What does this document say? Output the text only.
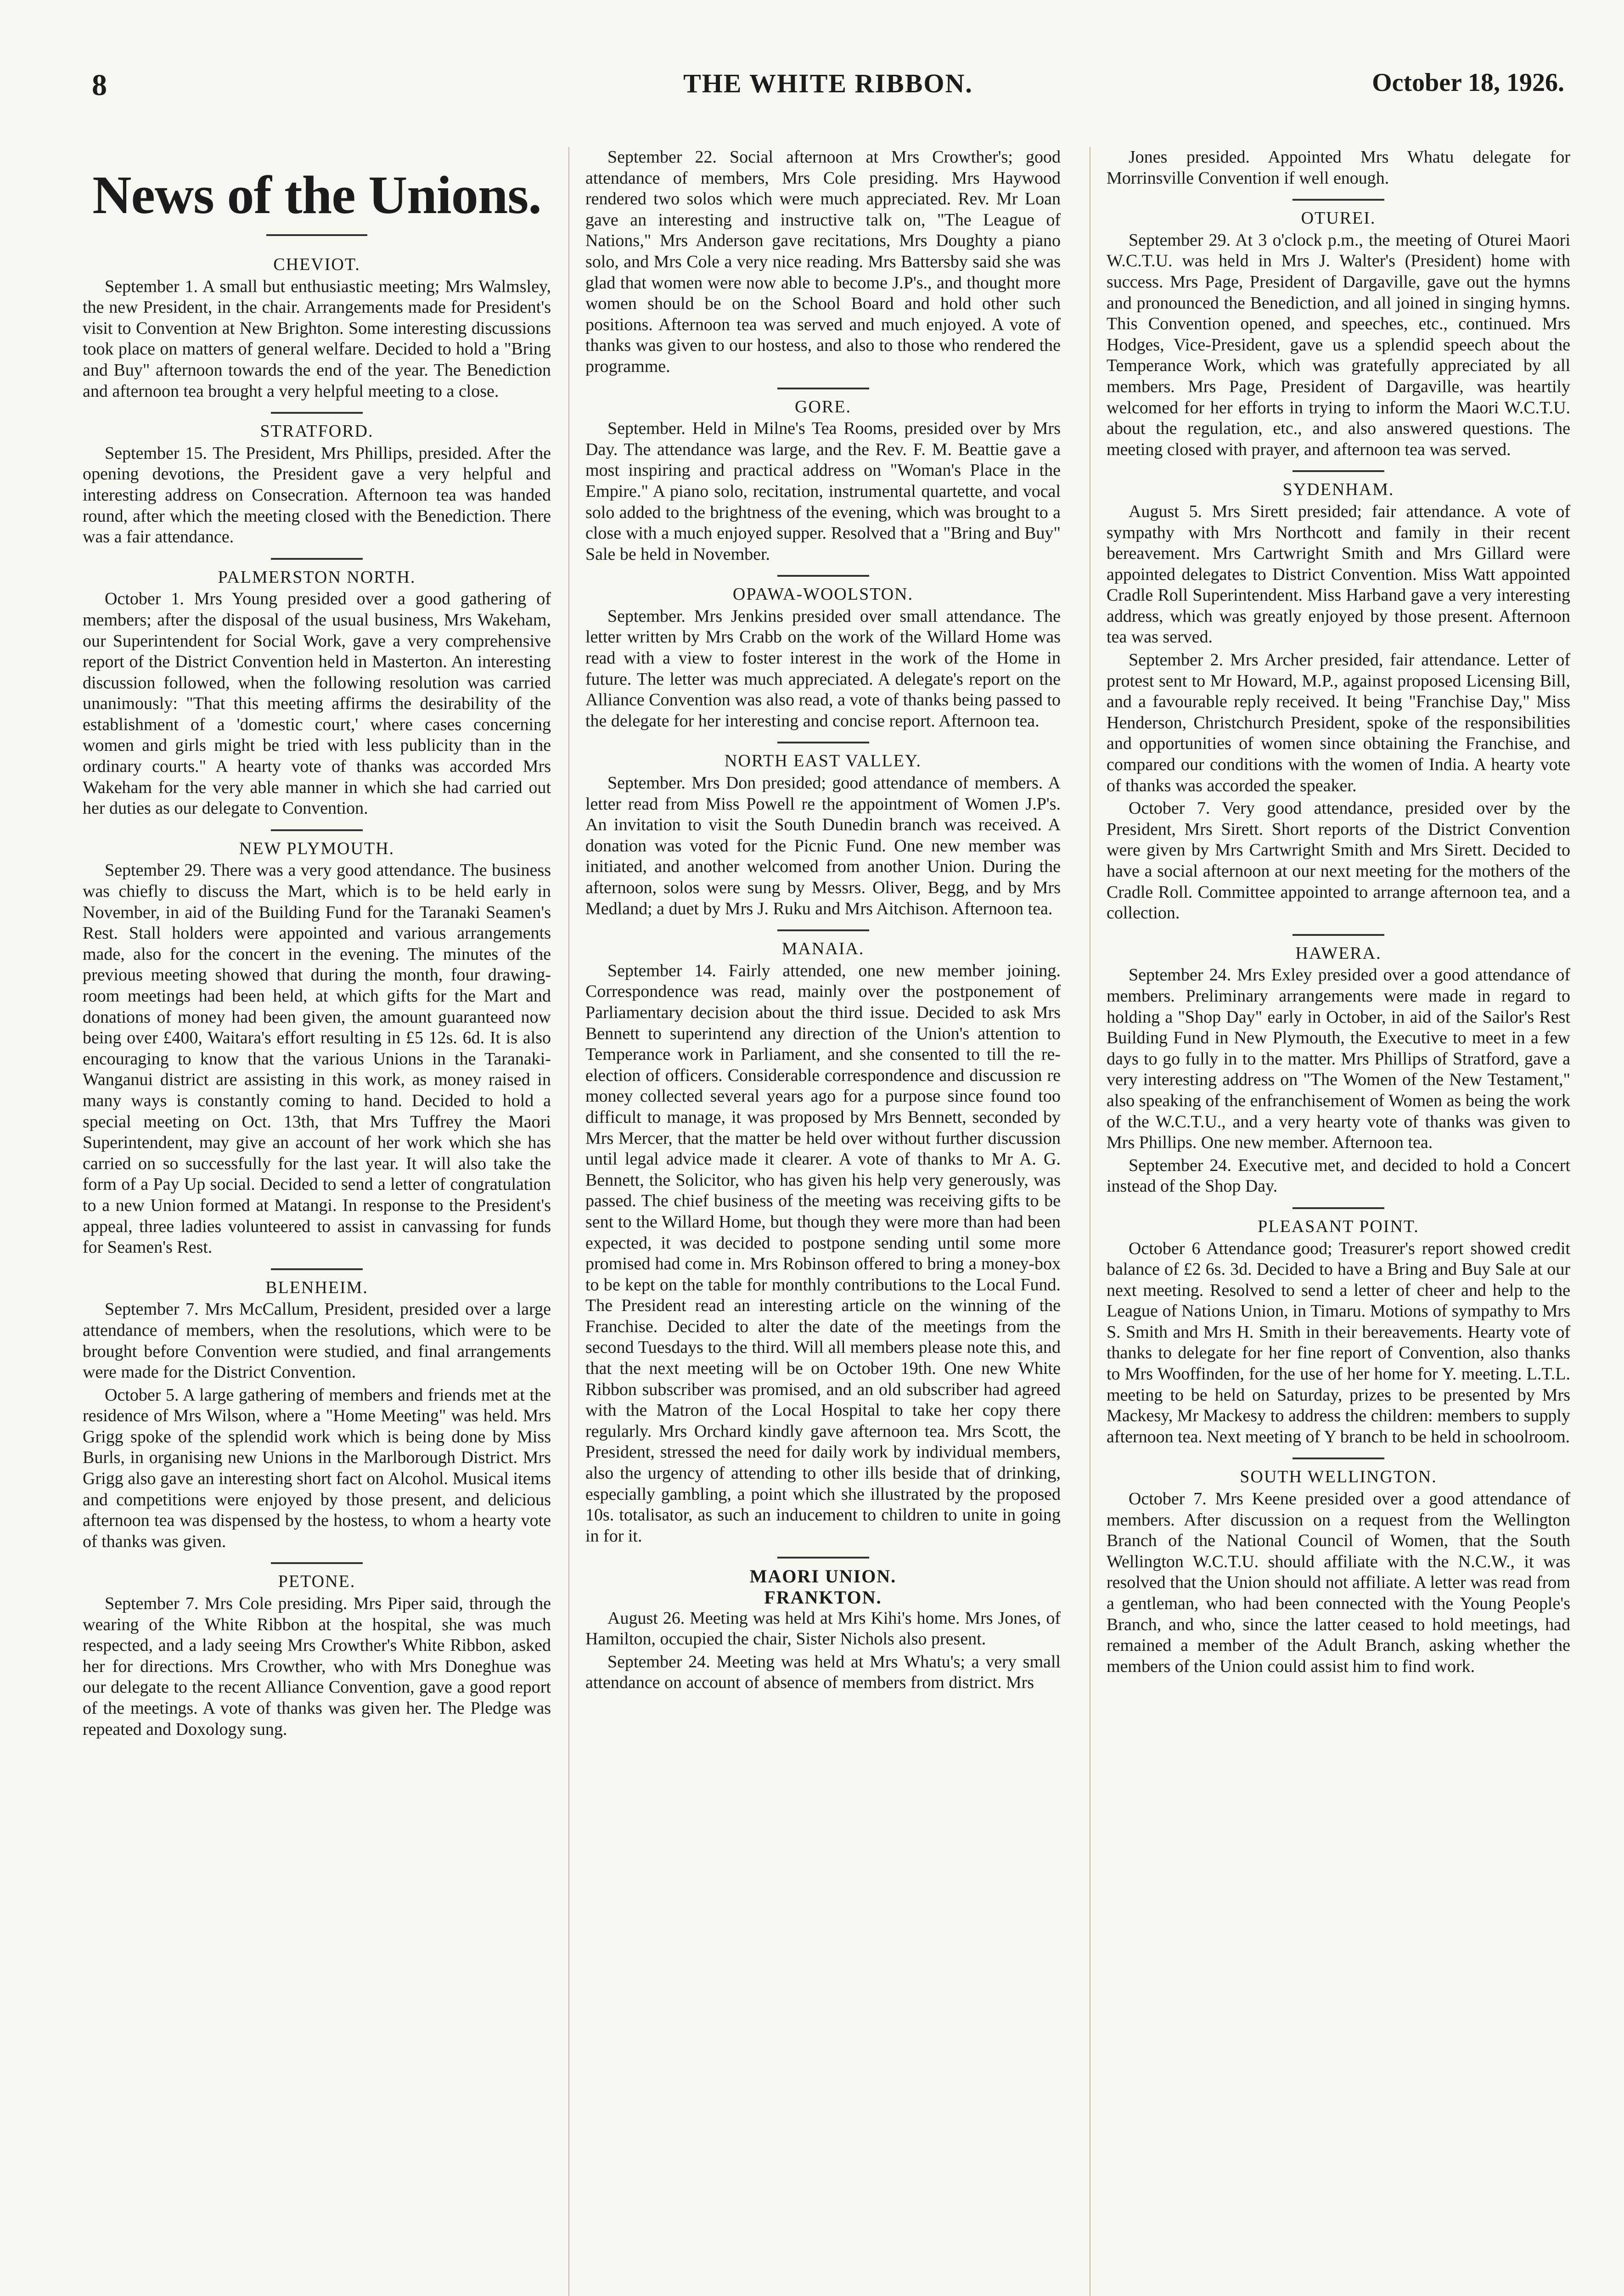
8	THE WHITE RIBBON.	October 18, 1926.
News of the Unions.
CHEVIOT.

September 1. A small but enthusiastic meeting; Mrs Walmsley, the new President, in the chair. Arrangements made for President's visit to Convention at New Brighton. Some interesting discussions took place on matters of general welfare. Decided to hold a "Bring and Buy" afternoon towards the end of the year. The Benediction and afternoon tea brought a very helpful meeting to a close.

STRATFORD.

September 15. The President, Mrs Phillips, presided. After the opening devotions, the President gave a very helpful and interesting address on Consecration. Afternoon tea was handed round, after which the meeting closed with the Benediction. There was a fair attendance.

PALMERSTON NORTH.

October 1. Mrs Young presided over a good gathering of members; after the disposal of the usual business, Mrs Wakeham, our Superintendent for Social Work, gave a very comprehensive report of the District Convention held in Masterton. An interesting discussion followed, when the following resolution was carried unanimously: "That this meeting affirms the desirability of the establishment of a 'domestic court,' where cases concerning women and girls might be tried with less publicity than in the ordinary courts." A hearty vote of thanks was accorded Mrs Wakeham for the very able manner in which she had carried out her duties as our delegate to Convention.

NEW PLYMOUTH.

September 29. There was a very good attendance. The business was chiefly to discuss the Mart, which is to be held early in November, in aid of the Building Fund for the Taranaki Seamen's Rest. Stall holders were appointed and various arrangements made, also for the concert in the evening. The minutes of the previous meeting showed that during the month, four drawing-room meetings had been held, at which gifts for the Mart and donations of money had been given, the amount guaranteed now being over £400, Waitara's effort resulting in £5 12s. 6d. It is also encouraging to know that the various Unions in the Taranaki-Wanganui district are assisting in this work, as money raised in many ways is constantly coming to hand. Decided to hold a special meeting on Oct. 13th, that Mrs Tuffrey the Maori Superintendent, may give an account of her work which she has carried on so successfully for the last year. It will also take the form of a Pay Up social. Decided to send a letter of congratulation to a new Union formed at Matangi. In response to the President's appeal, three ladies volunteered to assist in canvassing for funds for Seamen's Rest.

BLENHEIM.

September 7. Mrs McCallum, President, presided over a large attendance of members, when the resolutions, which were to be brought before Convention were studied, and final arrangements were made for the District Convention.

October 5. A large gathering of members and friends met at the residence of Mrs Wilson, where a "Home Meeting" was held. Mrs Grigg spoke of the splendid work which is being done by Miss Burls, in organising new Unions in the Marlborough District. Mrs Grigg also gave an interesting short fact on Alcohol. Musical items and competitions were enjoyed by those present, and delicious afternoon tea was dispensed by the hostess, to whom a hearty vote of thanks was given.

PETONE.

September 7. Mrs Cole presiding. Mrs Piper said, through the wearing of the White Ribbon at the hospital, she was much respected, and a lady seeing Mrs Crowther's White Ribbon, asked her for directions. Mrs Crowther, who with Mrs Doneghue was our delegate to the recent Alliance Convention, gave a good report of the meetings. A vote of thanks was given her. The Pledge was repeated and Doxology sung.

September 22. Social afternoon at Mrs Crowther's; good attendance of members, Mrs Cole presiding. Mrs Haywood rendered two solos which were much appreciated. Rev. Mr Loan gave an interesting and instructive talk on, "The League of Nations," Mrs Anderson gave recitations, Mrs Doughty a piano solo, and Mrs Cole a very nice reading. Mrs Battersby said she was glad that women were now able to become J.P's., and thought more women should be on the School Board and hold other such positions. Afternoon tea was served and much enjoyed. A vote of thanks was given to our hostess, and also to those who rendered the programme.

GORE.

September. Held in Milne's Tea Rooms, presided over by Mrs Day. The attendance was large, and the Rev. F. M. Beattie gave a most inspiring and practical address on "Woman's Place in the Empire." A piano solo, recitation, instrumental quartette, and vocal solo added to the brightness of the evening, which was brought to a close with a much enjoyed supper. Resolved that a "Bring and Buy" Sale be held in November.

OPAWA-WOOLSTON.

September. Mrs Jenkins presided over small attendance. The letter written by Mrs Crabb on the work of the Willard Home was read with a view to foster interest in the work of the Home in future. The letter was much appreciated. A delegate's report on the Alliance Convention was also read, a vote of thanks being passed to the delegate for her interesting and concise report. Afternoon tea.

NORTH EAST VALLEY.

September. Mrs Don presided; good attendance of members. A letter read from Miss Powell re the appointment of Women J.P's. An invitation to visit the South Dunedin branch was received. A donation was voted for the Picnic Fund. One new member was initiated, and another welcomed from another Union. During the afternoon, solos were sung by Messrs. Oliver, Begg, and by Mrs Medland; a duet by Mrs J. Ruku and Mrs Aitchison. Afternoon tea.

MANAIA.

September 14. Fairly attended, one new member joining. Correspondence was read, mainly over the postponement of Parliamentary decision about the third issue. Decided to ask Mrs Bennett to superintend any direction of the Union's attention to Temperance work in Parliament, and she consented to till the re-election of officers. Considerable correspondence and discussion re money collected several years ago for a purpose since found too difficult to manage, it was proposed by Mrs Bennett, seconded by Mrs Mercer, that the matter be held over without further discussion until legal advice made it clearer. A vote of thanks to Mr A. G. Bennett, the Solicitor, who has given his help very generously, was passed. The chief business of the meeting was receiving gifts to be sent to the Willard Home, but though they were more than had been expected, it was decided to postpone sending until some more promised had come in. Mrs Robinson offered to bring a money-box to be kept on the table for monthly contributions to the Local Fund. The President read an interesting article on the winning of the Franchise. Decided to alter the date of the meetings from the second Tuesdays to the third. Will all members please note this, and that the next meeting will be on October 19th. One new White Ribbon subscriber was promised, and an old subscriber had agreed with the Matron of the Local Hospital to take her copy there regularly. Mrs Orchard kindly gave afternoon tea. Mrs Scott, the President, stressed the need for daily work by individual members, also the urgency of attending to other ills beside that of drinking, especially gambling, a point which she illustrated by the proposed 10s. totalisator, as such an inducement to children to unite in going in for it.

MAORI UNION.
FRANKTON.

August 26. Meeting was held at Mrs Kihi's home. Mrs Jones, of Hamilton, occupied the chair, Sister Nichols also present.

September 24. Meeting was held at Mrs Whatu's; a very small attendance on account of absence of members from district. Mrs

Jones presided. Appointed Mrs Whatu delegate for Morrinsville Convention if well enough.

OTUREI.

September 29. At 3 o'clock p.m., the meeting of Oturei Maori W.C.T.U. was held in Mrs J. Walter's (President) home with success. Mrs Page, President of Dargaville, gave out the hymns and pronounced the Benediction, and all joined in singing hymns. This Convention opened, and speeches, etc., continued. Mrs Hodges, Vice-President, gave us a splendid speech about the Temperance Work, which was gratefully appreciated by all members. Mrs Page, President of Dargaville, was heartily welcomed for her efforts in trying to inform the Maori W.C.T.U. about the regulation, etc., and also answered questions. The meeting closed with prayer, and afternoon tea was served.

SYDENHAM.

August 5. Mrs Sirett presided; fair attendance. A vote of sympathy with Mrs Northcott and family in their recent bereavement. Mrs Cartwright Smith and Mrs Gillard were appointed delegates to District Convention. Miss Watt appointed Cradle Roll Superintendent. Miss Harband gave a very interesting address, which was greatly enjoyed by those present. Afternoon tea was served.

September 2. Mrs Archer presided, fair attendance. Letter of protest sent to Mr Howard, M.P., against proposed Licensing Bill, and a favourable reply received. It being "Franchise Day," Miss Henderson, Christchurch President, spoke of the responsibilities and opportunities of women since obtaining the Franchise, and compared our conditions with the women of India. A hearty vote of thanks was accorded the speaker.

October 7. Very good attendance, presided over by the President, Mrs Sirett. Short reports of the District Convention were given by Mrs Cartwright Smith and Mrs Sirett. Decided to have a social afternoon at our next meeting for the mothers of the Cradle Roll. Committee appointed to arrange afternoon tea, and a collection.

HAWERA.

September 24. Mrs Exley presided over a good attendance of members. Preliminary arrangements were made in regard to holding a "Shop Day" early in October, in aid of the Sailor's Rest Building Fund in New Plymouth, the Executive to meet in a few days to go fully in to the matter. Mrs Phillips of Stratford, gave a very interesting address on "The Women of the New Testament," also speaking of the enfranchisement of Women as being the work of the W.C.T.U., and a very hearty vote of thanks was given to Mrs Phillips. One new member. Afternoon tea.

September 24. Executive met, and decided to hold a Concert instead of the Shop Day.

PLEASANT POINT.

October 6 Attendance good; Treasurer's report showed credit balance of £2 6s. 3d. Decided to have a Bring and Buy Sale at our next meeting. Resolved to send a letter of cheer and help to the League of Nations Union, in Timaru. Motions of sympathy to Mrs S. Smith and Mrs H. Smith in their bereavements. Hearty vote of thanks to delegate for her fine report of Convention, also thanks to Mrs Wooffinden, for the use of her home for Y. meeting. L.T.L. meeting to be held on Saturday, prizes to be presented by Mrs Mackesy, Mr Mackesy to address the children: members to supply afternoon tea. Next meeting of Y branch to be held in schoolroom.

SOUTH WELLINGTON.

October 7. Mrs Keene presided over a good attendance of members. After discussion on a request from the Wellington Branch of the National Council of Women, that the South Wellington W.C.T.U. should affiliate with the N.C.W., it was resolved that the Union should not affiliate. A letter was read from a gentleman, who had been connected with the Young People's Branch, and who, since the latter ceased to hold meetings, had remained a member of the Adult Branch, asking whether the members of the Union could assist him to find work.
